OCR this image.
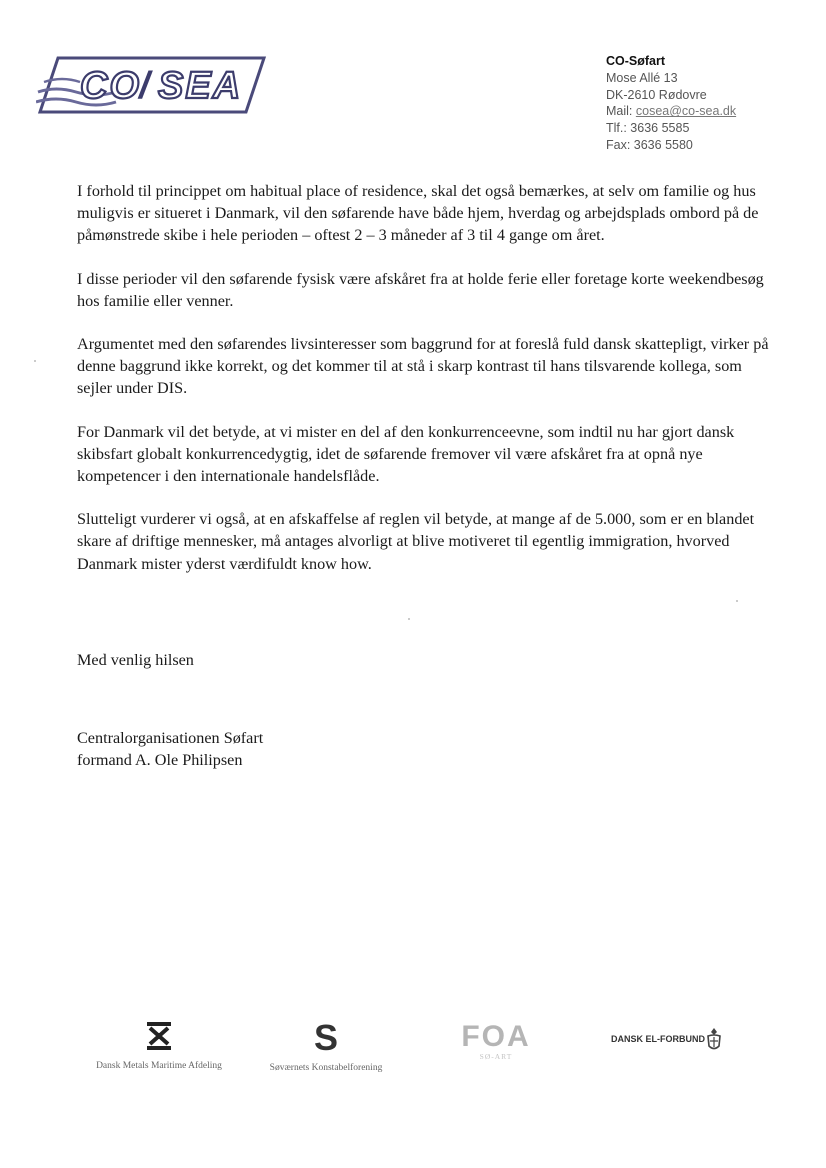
CO
/ SEA
CO-Søfart
Mose Allé 13
DK-2610 Rødovre
Mail: cosea@co-sea.dk
Tlf.: 3636 5585
Fax: 3636 5580

I forhold til princippet om habitual place of residence, skal det også bemærkes, at selv om familie og hus muligvis er situeret i Danmark, vil den søfarende have både hjem, hverdag og arbejdsplads ombord på de påmønstrede skibe i hele perioden – oftest 2 – 3 måneder af 3 til 4 gange om året.

I disse perioder vil den søfarende fysisk være afskåret fra at holde ferie eller foretage korte weekendbesøg hos familie eller venner.

Argumentet med den søfarendes livsinteresser som baggrund for at foreslå fuld dansk skattepligt, virker på denne baggrund ikke korrekt, og det kommer til at stå i skarp kontrast til hans tilsvarende kollega, som sejler under DIS.

For Danmark vil det betyde, at vi mister en del af den konkurrenceevne, som indtil nu har gjort dansk skibsfart globalt konkurrencedygtig, idet de søfarende fremover vil være afskåret fra at opnå nye kompetencer i den internationale handelsflåde.

Slutteligt vurderer vi også, at en afskaffelse af reglen vil betyde, at mange af de 5.000, som er en blandet skare af driftige mennesker, må antages alvorligt at blive motiveret til egentlig immigration, hvorved Danmark mister yderst værdifuldt know how.

Med venlig hilsen
Centralorganisationen Søfart
formand A. Ole Philipsen
Dansk Metals Maritime Afdeling
S
Søværnets Konstabelforening
FOA
SØ-ART
DANSK EL-FORBUND
